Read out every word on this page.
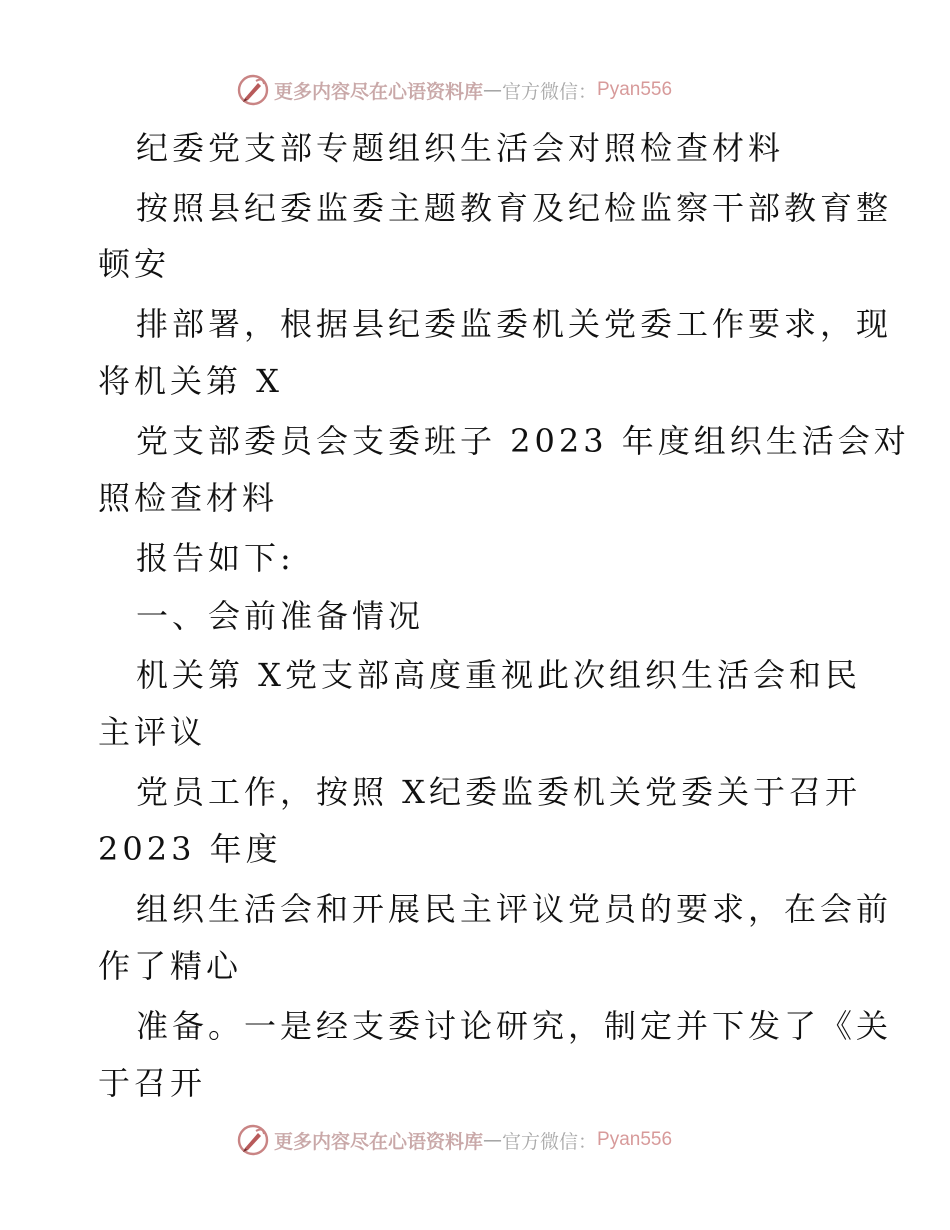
更多内容尽在心语资料库 — 官方微信： Pyan556

纪委党支部专题组织生活会对照检查材料

按照县纪委监委主题教育及纪检监察干部教育整

顿安

排部署，根据县纪委监委机关党委工作要求，现

将机关第 X

党支部委员会支委班子 2023 年度组织生活会对

照检查材料

报告如下:

一、会前准备情况

机关第 X党支部高度重视此次组织生活会和民

主评议

党员工作，按照 X纪委监委机关党委关于召开

2023 年度

组织生活会和开展民主评议党员的要求，在会前

作了精心

准备。一是经支委讨论研究，制定并下发了《关

于召开

更多内容尽在心语资料库 — 官方微信： Pyan556
